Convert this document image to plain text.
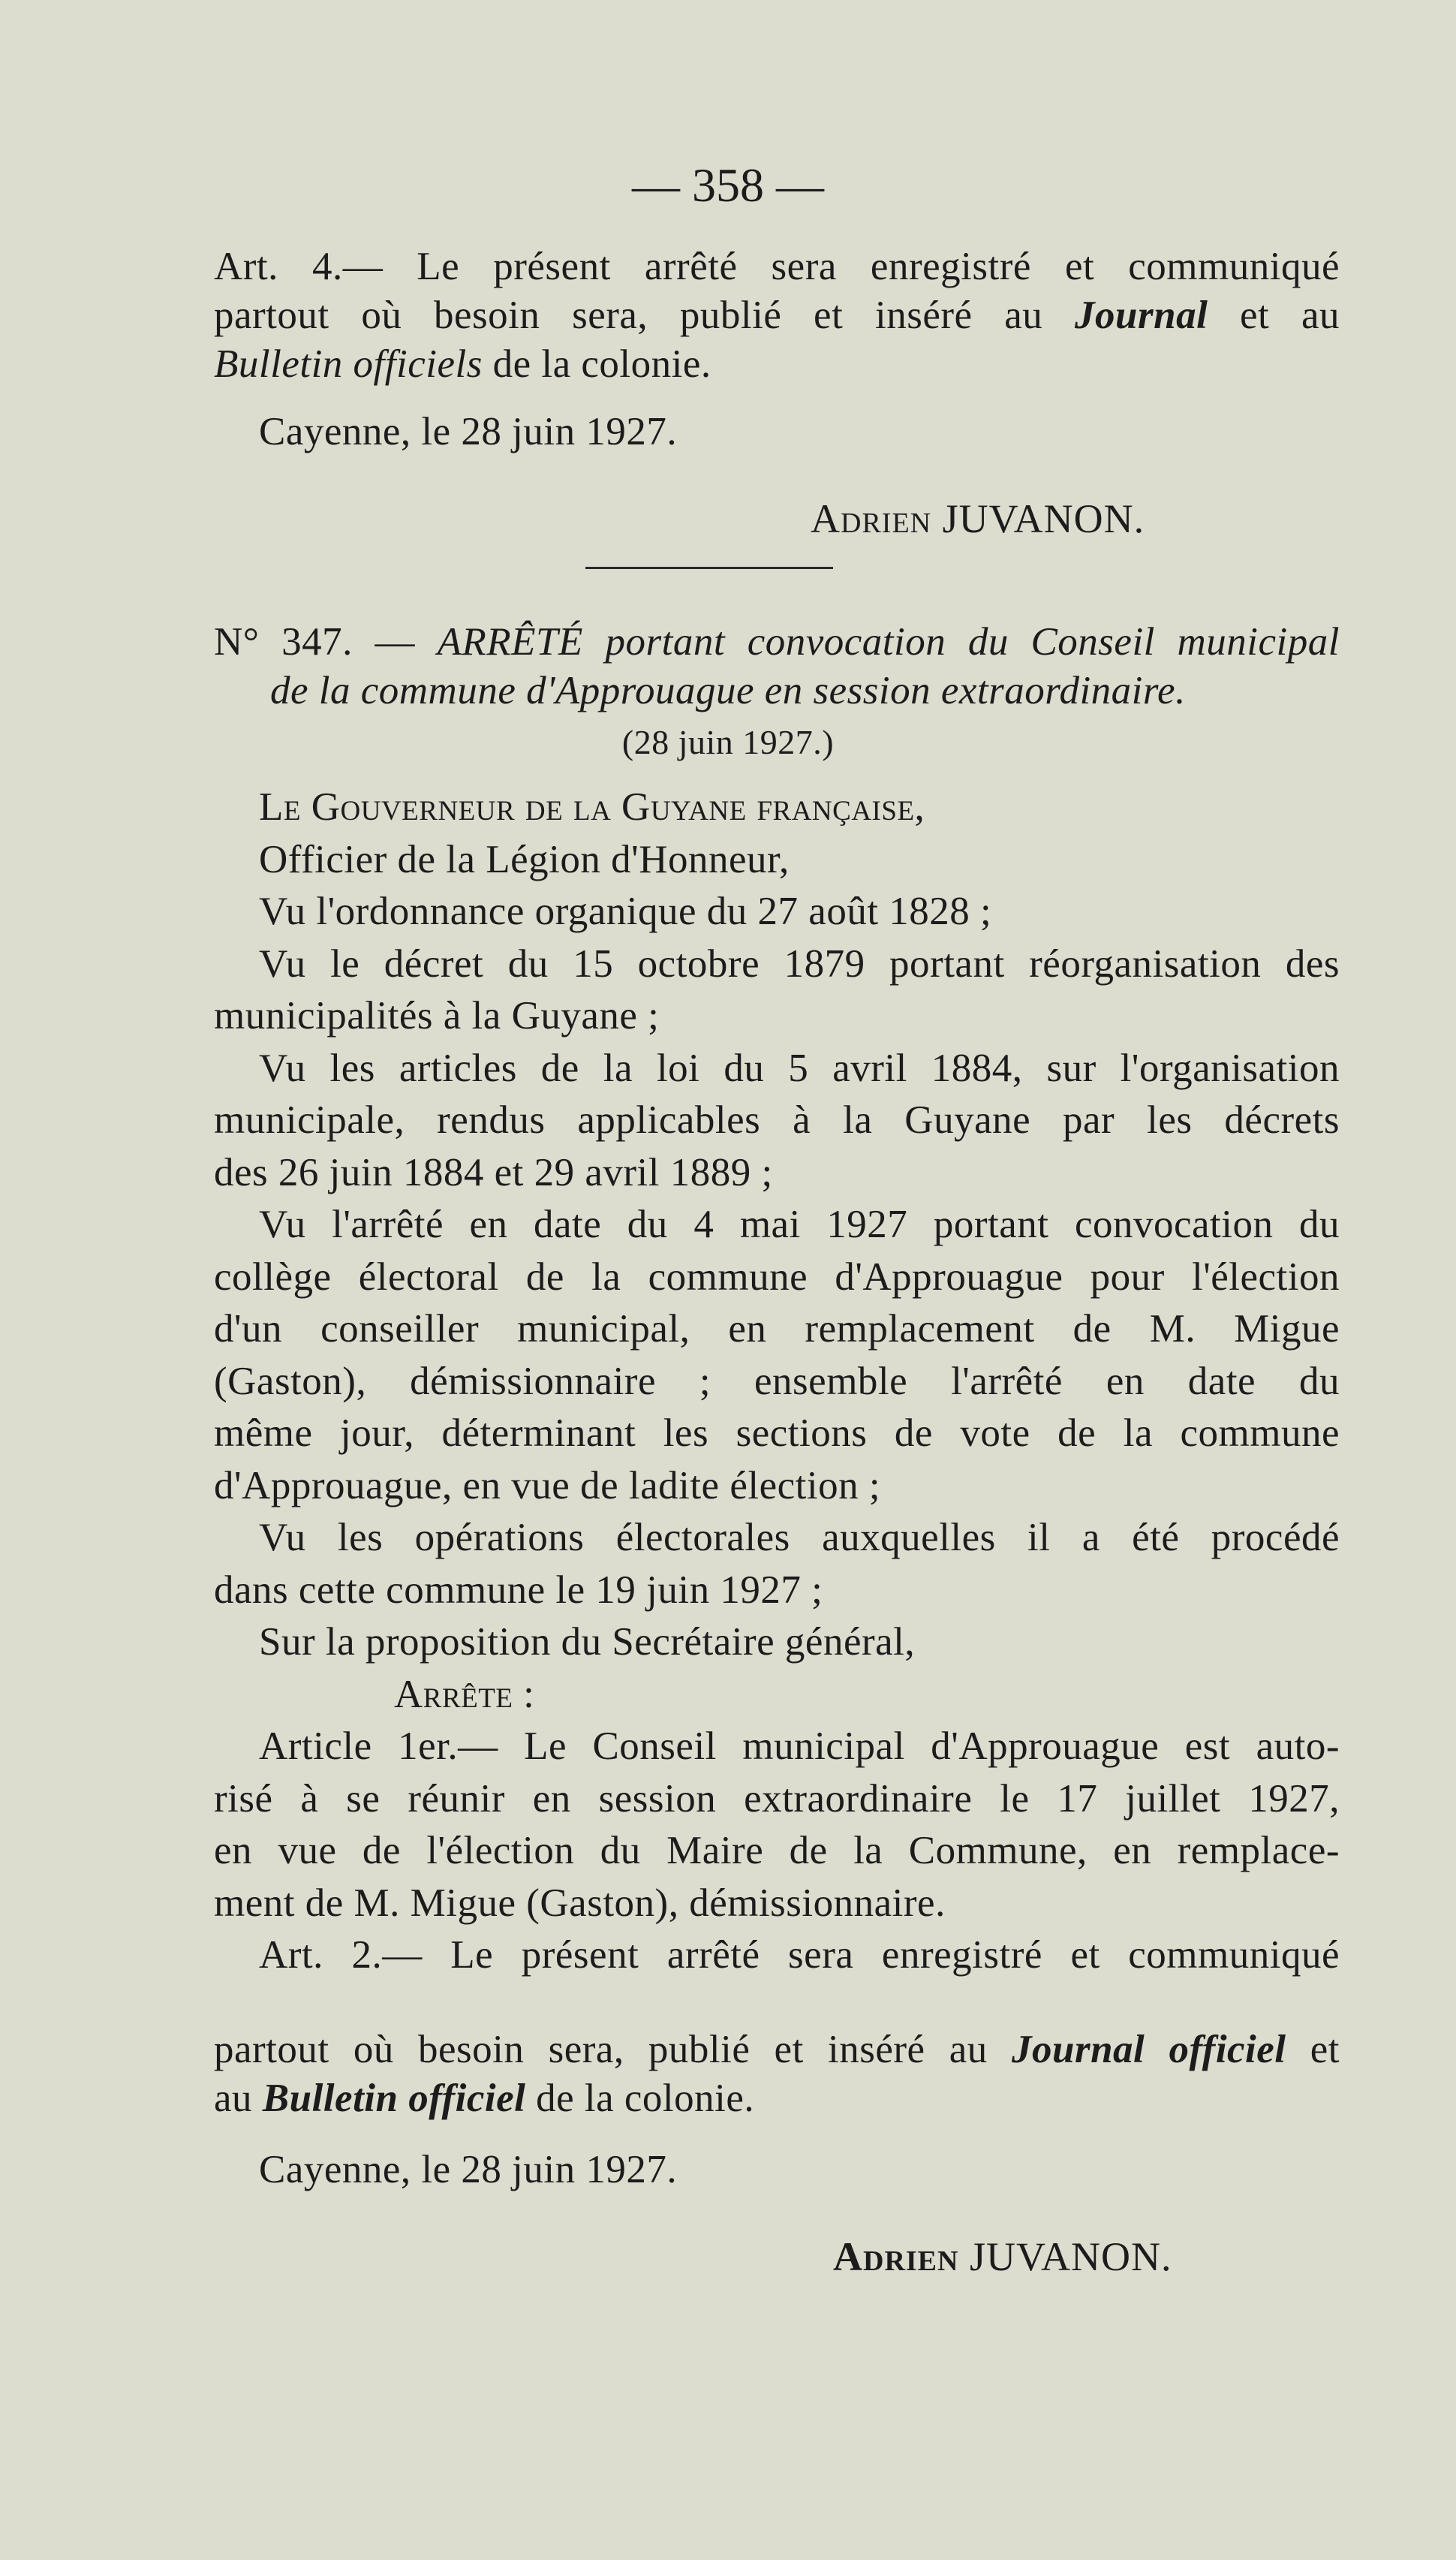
— 358 —
Art. 4.— Le présent arrêté sera enregistré et communiqué
partout où besoin sera, publié et inséré au Journal et au
Bulletin officiels de la colonie.
Cayenne, le 28 juin 1927.
Adrien JUVANON.
N° 347. — ARRÊTÉ portant convocation du Conseil municipal
de la commune d'Approuague en session extraordinaire.
(28 juin 1927.)
Le Gouverneur de la Guyane française,
Officier de la Légion d'Honneur,
Vu l'ordonnance organique du 27 août 1828 ;
Vu le décret du 15 octobre 1879 portant réorganisation des
municipalités à la Guyane ;
Vu les articles de la loi du 5 avril 1884, sur l'organisation
municipale, rendus applicables à la Guyane par les décrets
des 26 juin 1884 et 29 avril 1889 ;
Vu l'arrêté en date du 4 mai 1927 portant convocation du
collège électoral de la commune d'Approuague pour l'élection
d'un conseiller municipal, en remplacement de M. Migue
(Gaston), démissionnaire ; ensemble l'arrêté en date du
même jour, déterminant les sections de vote de la commune
d'Approuague, en vue de ladite élection ;
Vu les opérations électorales auxquelles il a été procédé
dans cette commune le 19 juin 1927 ;
Sur la proposition du Secrétaire général,
Arrête :
Article 1er.— Le Conseil municipal d'Approuague est auto-
risé à se réunir en session extraordinaire le 17 juillet 1927,
en vue de l'élection du Maire de la Commune, en remplace-
ment de M. Migue (Gaston), démissionnaire.
Art. 2.— Le présent arrêté sera enregistré et communiqué
partout où besoin sera, publié et inséré au Journal officiel et
au Bulletin officiel de la colonie.
Cayenne, le 28 juin 1927.
Adrien JUVANON.
